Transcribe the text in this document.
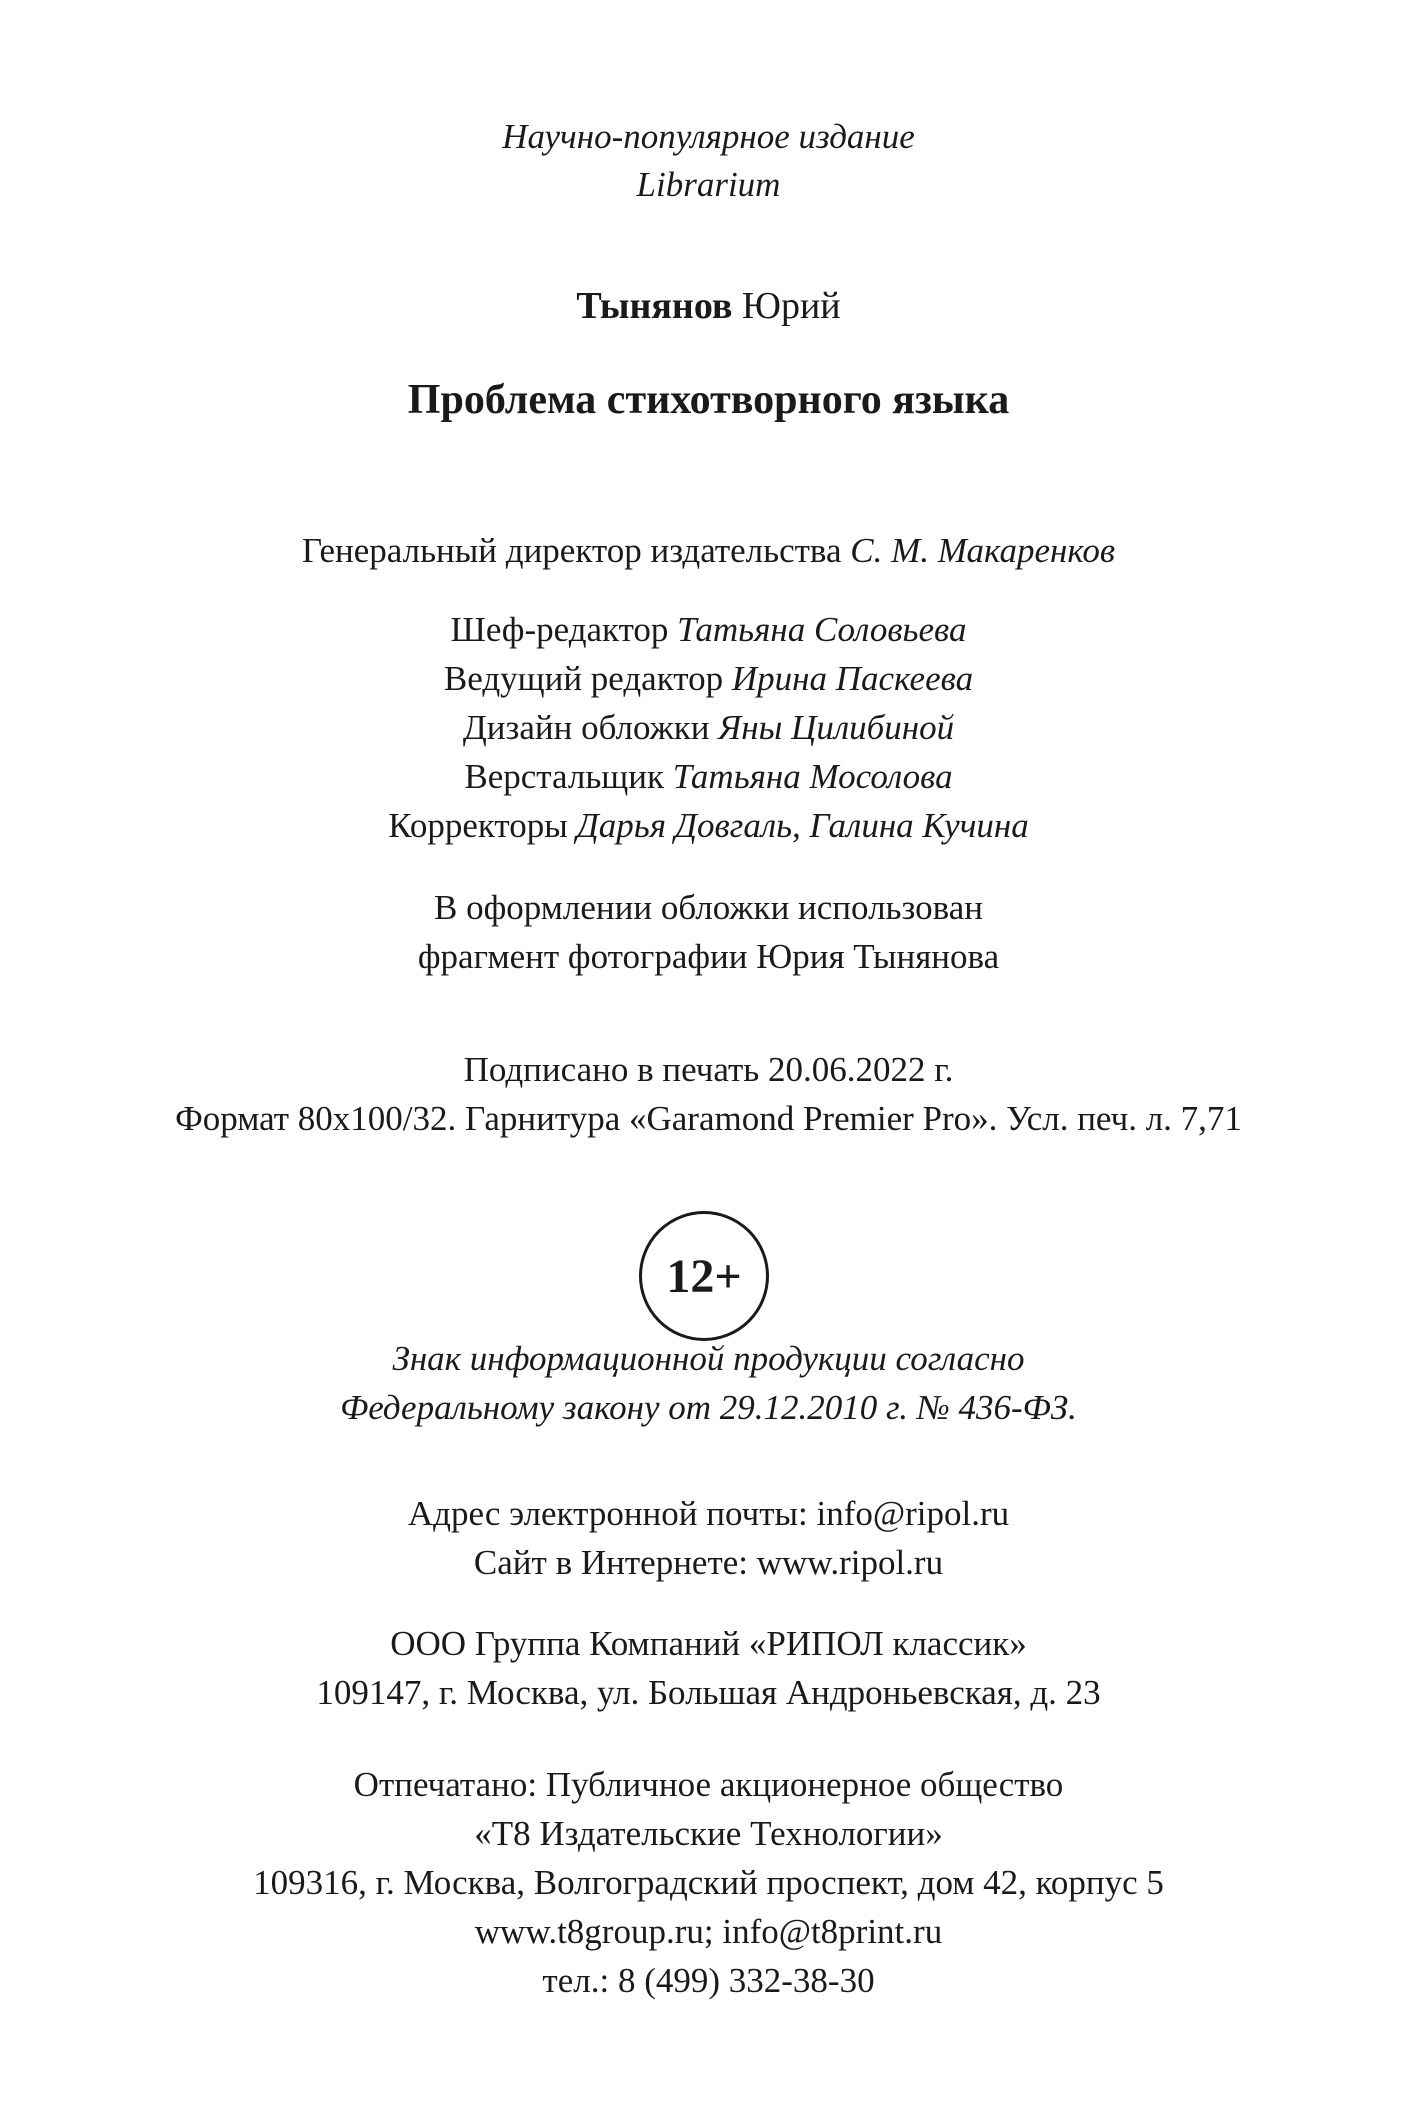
Научно-популярное издание
Librarium
Тынянов Юрий
Проблема стихотворного языка
Генеральный директор издательства С. М. Макаренков
Шеф-редактор Татьяна Соловьева
Ведущий редактор Ирина Паскеева
Дизайн обложки Яны Цилибиной
Верстальщик Татьяна Мосолова
Корректоры Дарья Довгаль, Галина Кучина
В оформлении обложки использован
фрагмент фотографии Юрия Тынянова
Подписано в печать 20.06.2022 г.
Формат 80х100/32. Гарнитура «Garamond Premier Pro». Усл. печ. л. 7,71
12+
Знак информационной продукции согласно
Федеральному закону от 29.12.2010 г. № 436-ФЗ.
Адрес электронной почты: info@ripol.ru
Сайт в Интернете: www.ripol.ru
ООО Группа Компаний «РИПОЛ классик»
109147, г. Москва, ул. Большая Андроньевская, д. 23
Отпечатано: Публичное акционерное общество
«Т8 Издательские Технологии»
109316, г. Москва, Волгоградский проспект, дом 42, корпус 5
www.t8group.ru; info@t8print.ru
тел.: 8 (499) 332-38-30
